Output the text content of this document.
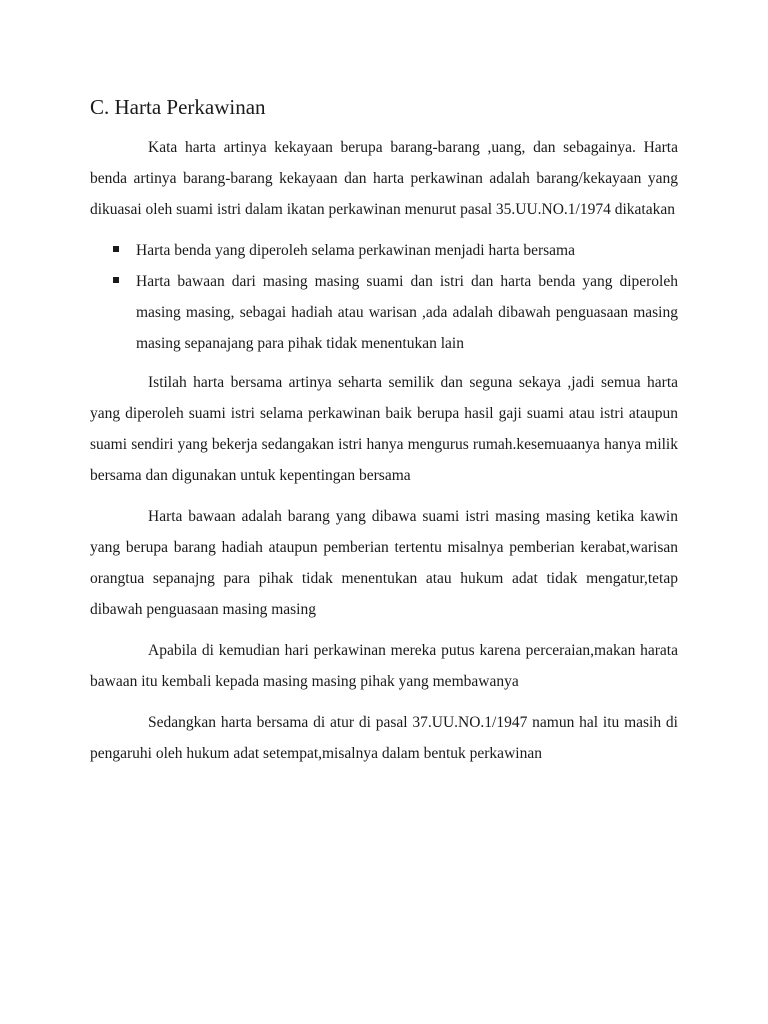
C. Harta Perkawinan

Kata harta artinya kekayaan berupa barang-barang ,uang, dan sebagainya. Harta benda artinya barang-barang kekayaan dan harta perkawinan adalah barang/kekayaan yang dikuasai oleh suami istri dalam ikatan perkawinan menurut pasal 35.UU.NO.1/1974 dikatakan

Harta benda yang diperoleh selama perkawinan menjadi harta bersama
Harta bawaan dari masing masing suami dan istri dan harta benda yang diperoleh masing masing, sebagai hadiah atau warisan ,ada adalah dibawah penguasaan masing masing sepanajang para pihak tidak menentukan lain

Istilah harta bersama artinya seharta semilik dan seguna sekaya ,jadi semua harta yang diperoleh suami istri selama perkawinan baik berupa hasil gaji suami atau istri ataupun suami sendiri yang bekerja sedangakan istri hanya mengurus rumah.kesemuaanya hanya milik bersama dan digunakan untuk kepentingan bersama

Harta bawaan adalah barang yang dibawa suami istri masing masing ketika kawin yang berupa barang hadiah ataupun pemberian tertentu misalnya pemberian kerabat,warisan orangtua sepanajng para pihak tidak menentukan atau hukum adat tidak mengatur,tetap dibawah penguasaan masing masing

Apabila di kemudian hari perkawinan mereka putus karena perceraian,makan harata bawaan itu kembali kepada masing masing pihak yang membawanya

Sedangkan harta bersama di atur di pasal 37.UU.NO.1/1947 namun hal itu masih di pengaruhi oleh hukum adat setempat,misalnya dalam bentuk perkawinan
